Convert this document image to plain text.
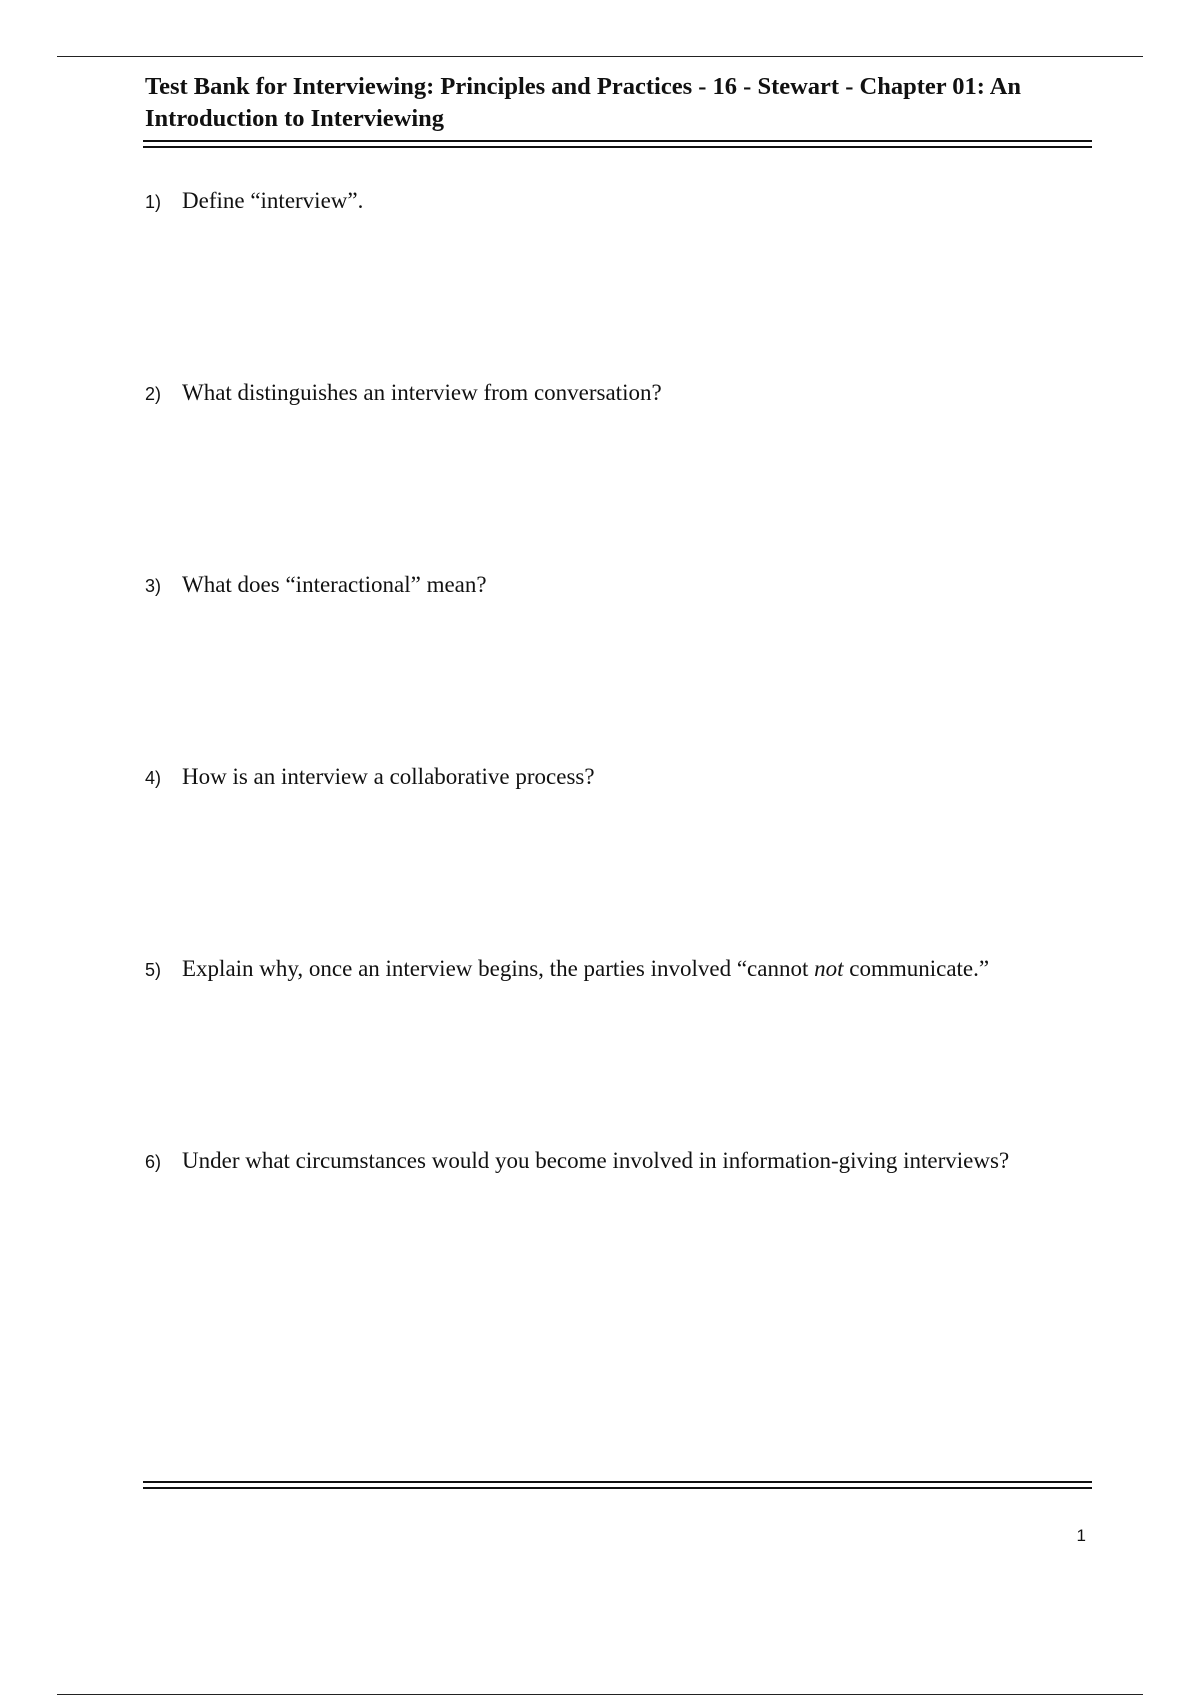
Test Bank for Interviewing: Principles and Practices - 16 - Stewart - Chapter 01: An Introduction to Interviewing
1) Define “interview”.
2) What distinguishes an interview from conversation?
3) What does “interactional” mean?
4) How is an interview a collaborative process?
5) Explain why, once an interview begins, the parties involved “cannot not communicate.”
6) Under what circumstances would you become involved in information-giving interviews?
1
